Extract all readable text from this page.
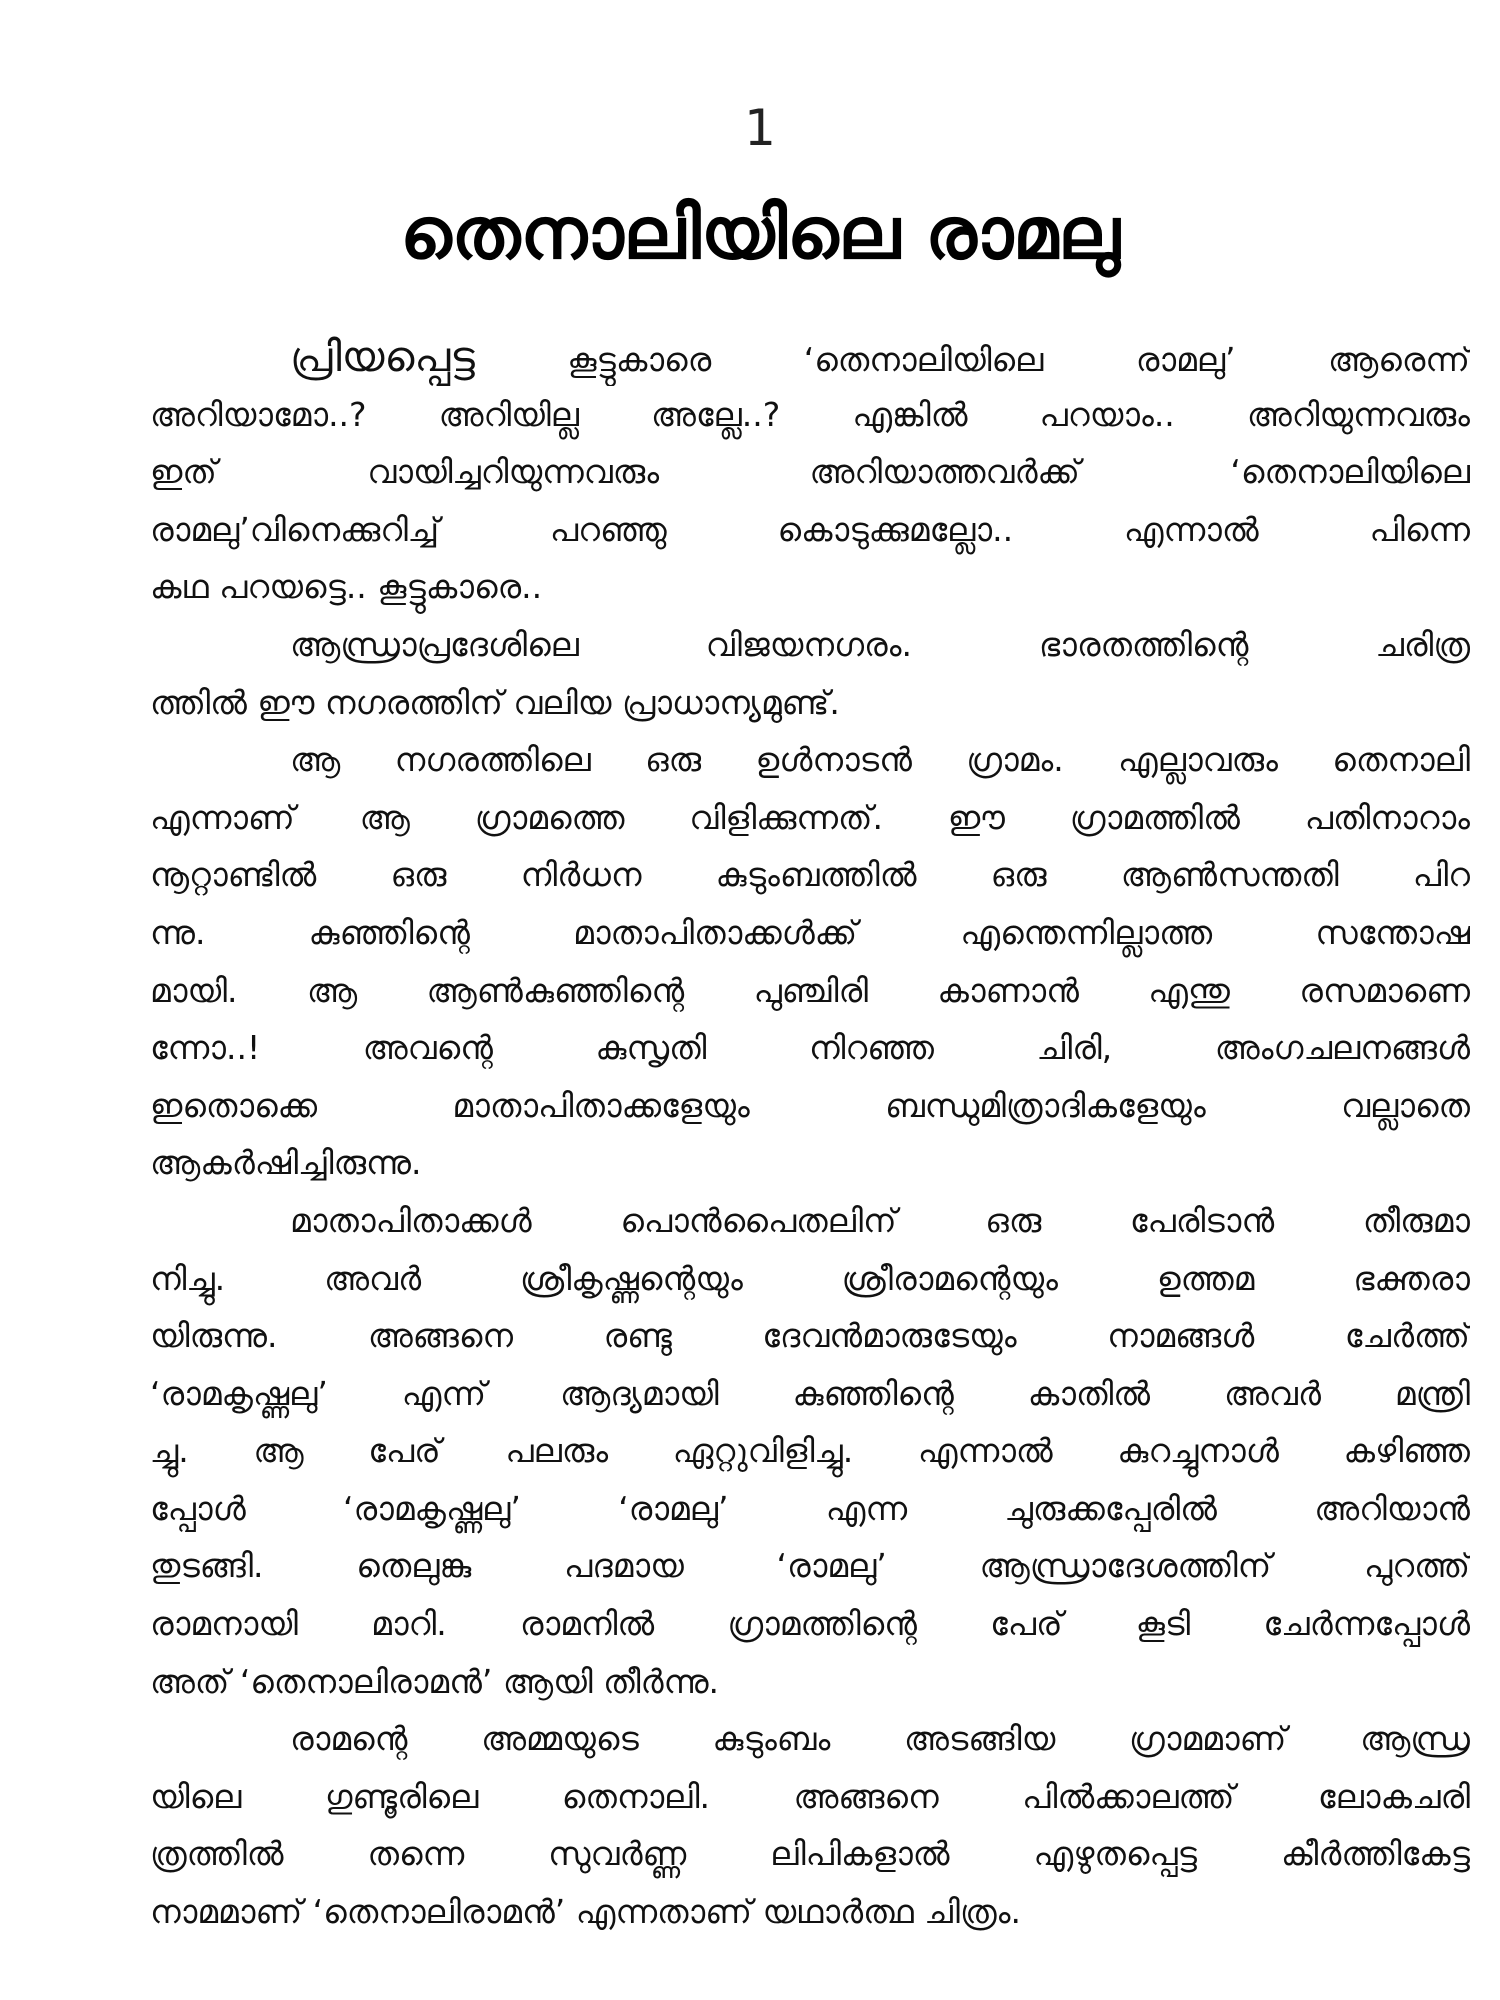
1
തെനാലിയിലെ രാമലു
പ്രിയപ്പെട്ട കൂട്ടുകാരെ ‘തെനാലിയിലെ രാമലു’ ആരെന്ന്
അറിയാമോ..? അറിയില്ല അല്ലേ..? എങ്കിൽ പറയാം.. അറിയുന്നവരും
ഇത് വായിച്ചറിയുന്നവരും അറിയാത്തവർക്ക് ‘തെനാലിയിലെ
രാമലു’വിനെക്കുറിച്ച് പറഞ്ഞു കൊടുക്കുമല്ലോ.. എന്നാൽ പിന്നെ
കഥ പറയട്ടെ.. കൂട്ടുകാരെ..
ആന്ധ്രാപ്രദേശിലെ വിജയനഗരം. ഭാരതത്തിന്റെ ചരിത്ര
ത്തിൽ ഈ നഗരത്തിന് വലിയ പ്രാധാന്യമുണ്ട്.
ആ നഗരത്തിലെ ഒരു ഉൾനാടൻ ഗ്രാമം. എല്ലാവരും തെനാലി
എന്നാണ് ആ ഗ്രാമത്തെ വിളിക്കുന്നത്. ഈ ഗ്രാമത്തിൽ പതിനാറാം
നൂറ്റാണ്ടിൽ ഒരു നിർധന കുടുംബത്തിൽ ഒരു ആൺസന്തതി പിറ
ന്നു. കുഞ്ഞിന്റെ മാതാപിതാക്കൾക്ക് എന്തെന്നില്ലാത്ത സന്തോഷ
മായി. ആ ആൺകുഞ്ഞിന്റെ പുഞ്ചിരി കാണാൻ എന്തു രസമാണെ
ന്നോ..! അവന്റെ കുസൃതി നിറഞ്ഞ ചിരി, അംഗചലനങ്ങൾ
ഇതൊക്കെ മാതാപിതാക്കളേയും ബന്ധുമിത്രാദികളേയും വല്ലാതെ
ആകർഷിച്ചിരുന്നു.
മാതാപിതാക്കൾ പൊൻപൈതലിന് ഒരു പേരിടാൻ തീരുമാ
നിച്ചു. അവർ ശ്രീകൃഷ്ണന്റെയും ശ്രീരാമന്റെയും ഉത്തമ ഭക്തരാ
യിരുന്നു. അങ്ങനെ രണ്ടു ദേവൻമാരുടേയും നാമങ്ങൾ ചേർത്ത്
‘രാമകൃഷ്ണലു’ എന്ന് ആദ്യമായി കുഞ്ഞിന്റെ കാതിൽ അവർ മന്ത്രി
ച്ചു. ആ പേര് പലരും ഏറ്റുവിളിച്ചു. എന്നാൽ കുറച്ചുനാൾ കഴിഞ്ഞ
പ്പോൾ ‘രാമകൃഷ്ണലു’ ‘രാമലു’ എന്ന ചുരുക്കപ്പേരിൽ അറിയാൻ
തുടങ്ങി. തെലുങ്കു പദമായ ‘രാമലു’ ആന്ധ്രാദേശത്തിന് പുറത്ത്
രാമനായി മാറി. രാമനിൽ ഗ്രാമത്തിന്റെ പേര് കൂടി ചേർന്നപ്പോൾ
അത് ‘തെനാലിരാമൻ’ ആയി തീർന്നു.
രാമന്റെ അമ്മയുടെ കുടുംബം അടങ്ങിയ ഗ്രാമമാണ് ആന്ധ്ര
യിലെ ഗുണ്ടൂരിലെ തെനാലി. അങ്ങനെ പിൽക്കാലത്ത് ലോകചരി
ത്രത്തിൽ തന്നെ സുവർണ്ണ ലിപികളാൽ എഴുതപ്പെട്ട കീർത്തികേട്ട
നാമമാണ് ‘തെനാലിരാമൻ’ എന്നതാണ് യഥാർത്ഥ ചിത്രം.
